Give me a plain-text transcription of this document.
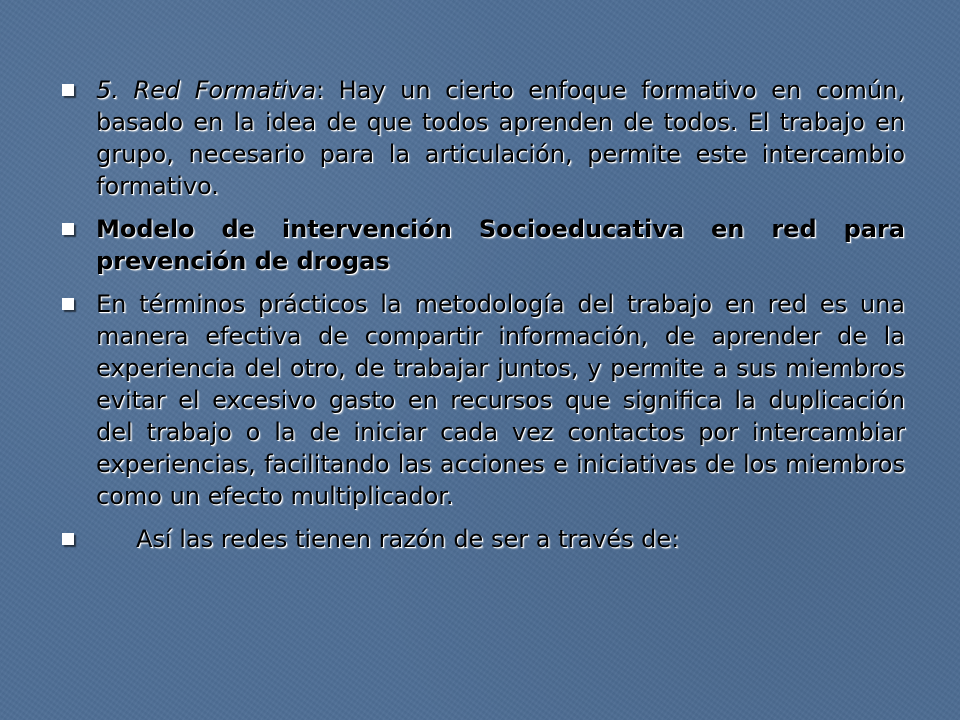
5. Red Formativa: Hay un cierto enfoque formativo en común, basado en la idea de que todos aprenden de todos. El trabajo en grupo, necesario para la articulación, permite este intercambio formativo.
Modelo de intervención Socioeducativa en red para prevención de drogas
En términos prácticos la metodología del trabajo en red es una manera efectiva de compartir información, de aprender de la experiencia del otro, de trabajar juntos, y permite a sus miembros evitar el excesivo gasto en recursos que significa la duplicación del trabajo o la de iniciar cada vez contactos por intercambiar experiencias, facilitando las acciones e iniciativas de los miembros como un efecto multiplicador.
Así las redes tienen razón de ser a través de:
